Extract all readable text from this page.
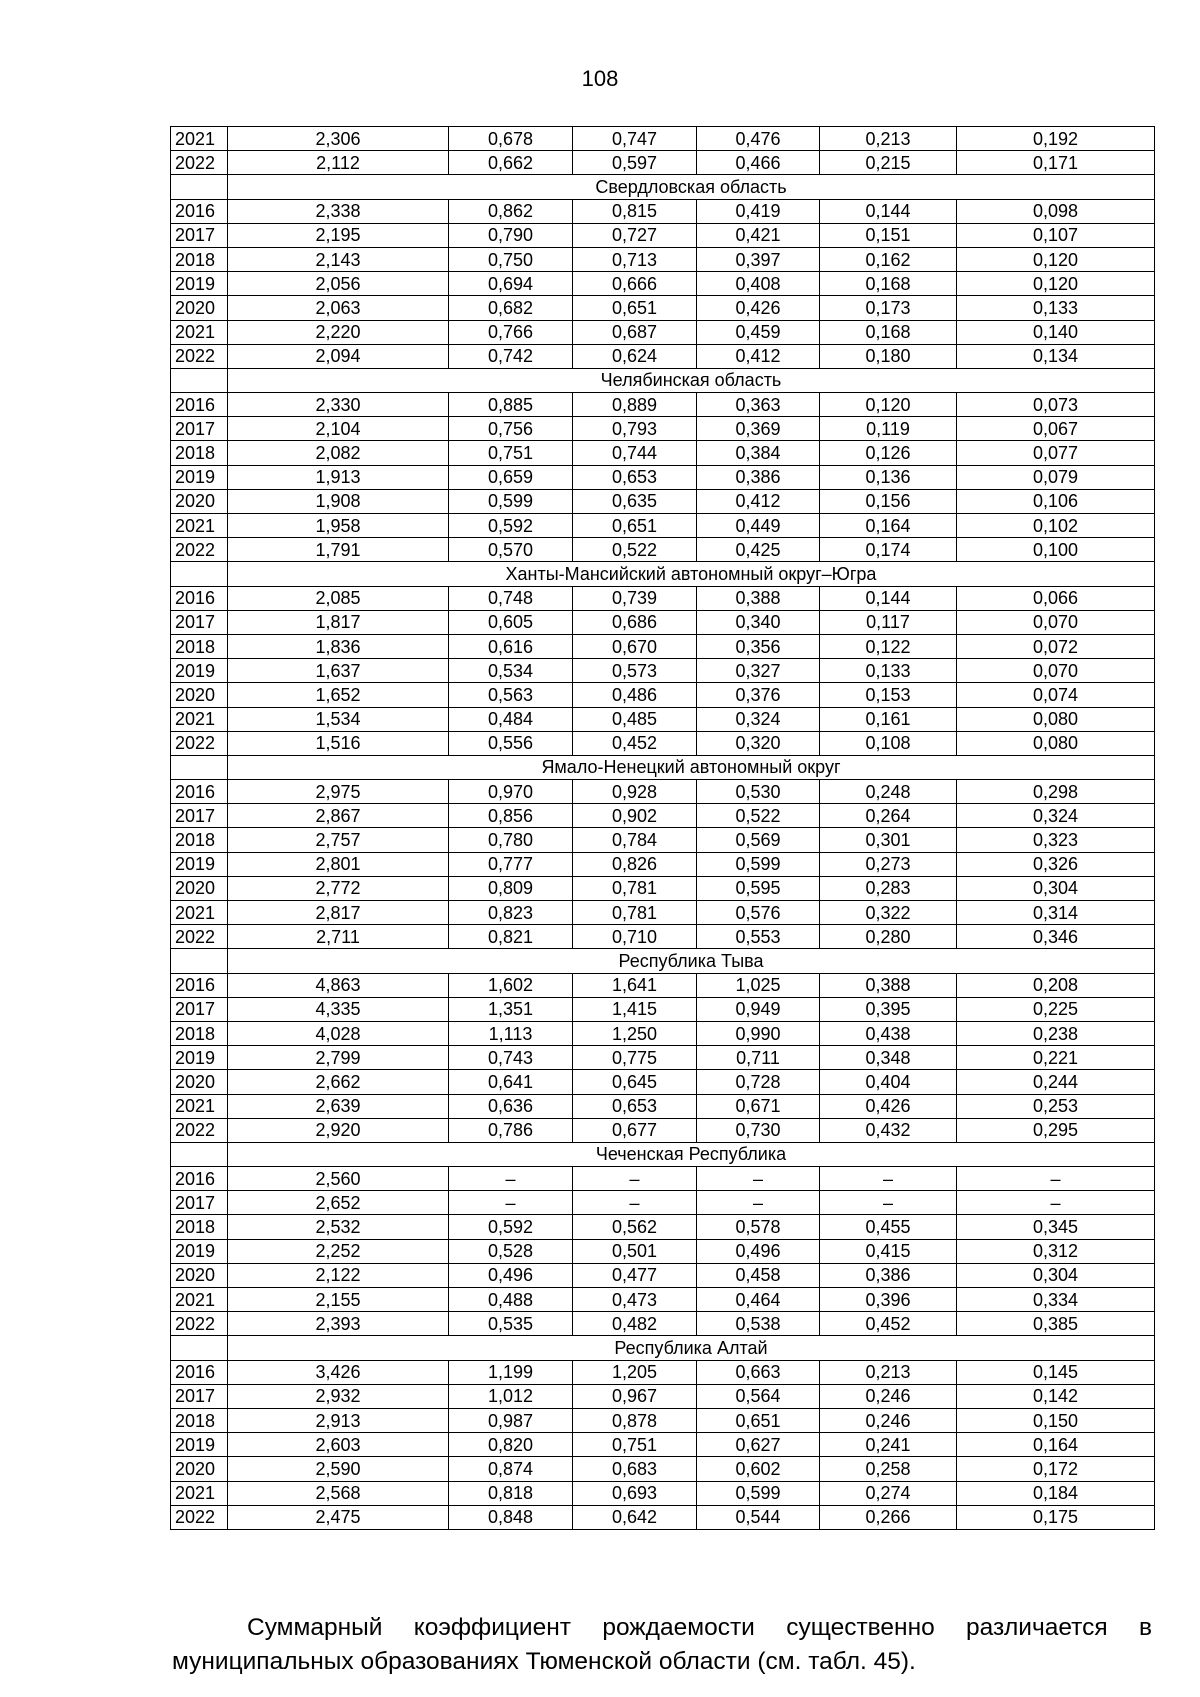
108
2021	2,306	0,678	0,747	0,476	0,213	0,192
2022	2,112	0,662	0,597	0,466	0,215	0,171
	Свердловская область					
2016	2,338	0,862	0,815	0,419	0,144	0,098
2017	2,195	0,790	0,727	0,421	0,151	0,107
2018	2,143	0,750	0,713	0,397	0,162	0,120
2019	2,056	0,694	0,666	0,408	0,168	0,120
2020	2,063	0,682	0,651	0,426	0,173	0,133
2021	2,220	0,766	0,687	0,459	0,168	0,140
2022	2,094	0,742	0,624	0,412	0,180	0,134
	Челябинская область					
2016	2,330	0,885	0,889	0,363	0,120	0,073
2017	2,104	0,756	0,793	0,369	0,119	0,067
2018	2,082	0,751	0,744	0,384	0,126	0,077
2019	1,913	0,659	0,653	0,386	0,136	0,079
2020	1,908	0,599	0,635	0,412	0,156	0,106
2021	1,958	0,592	0,651	0,449	0,164	0,102
2022	1,791	0,570	0,522	0,425	0,174	0,100
	Ханты-Мансийский автономный округ–Югра					
2016	2,085	0,748	0,739	0,388	0,144	0,066
2017	1,817	0,605	0,686	0,340	0,117	0,070
2018	1,836	0,616	0,670	0,356	0,122	0,072
2019	1,637	0,534	0,573	0,327	0,133	0,070
2020	1,652	0,563	0,486	0,376	0,153	0,074
2021	1,534	0,484	0,485	0,324	0,161	0,080
2022	1,516	0,556	0,452	0,320	0,108	0,080
	Ямало-Ненецкий автономный округ					
2016	2,975	0,970	0,928	0,530	0,248	0,298
2017	2,867	0,856	0,902	0,522	0,264	0,324
2018	2,757	0,780	0,784	0,569	0,301	0,323
2019	2,801	0,777	0,826	0,599	0,273	0,326
2020	2,772	0,809	0,781	0,595	0,283	0,304
2021	2,817	0,823	0,781	0,576	0,322	0,314
2022	2,711	0,821	0,710	0,553	0,280	0,346
	Республика Тыва					
2016	4,863	1,602	1,641	1,025	0,388	0,208
2017	4,335	1,351	1,415	0,949	0,395	0,225
2018	4,028	1,113	1,250	0,990	0,438	0,238
2019	2,799	0,743	0,775	0,711	0,348	0,221
2020	2,662	0,641	0,645	0,728	0,404	0,244
2021	2,639	0,636	0,653	0,671	0,426	0,253
2022	2,920	0,786	0,677	0,730	0,432	0,295
	Чеченская Республика					
2016	2,560	–	–	–	–	–
2017	2,652	–	–	–	–	–
2018	2,532	0,592	0,562	0,578	0,455	0,345
2019	2,252	0,528	0,501	0,496	0,415	0,312
2020	2,122	0,496	0,477	0,458	0,386	0,304
2021	2,155	0,488	0,473	0,464	0,396	0,334
2022	2,393	0,535	0,482	0,538	0,452	0,385
	Республика Алтай					
2016	3,426	1,199	1,205	0,663	0,213	0,145
2017	2,932	1,012	0,967	0,564	0,246	0,142
2018	2,913	0,987	0,878	0,651	0,246	0,150
2019	2,603	0,820	0,751	0,627	0,241	0,164
2020	2,590	0,874	0,683	0,602	0,258	0,172
2021	2,568	0,818	0,693	0,599	0,274	0,184
2022	2,475	0,848	0,642	0,544	0,266	0,175

Суммарный коэффициент рождаемости существенно различается в муниципальных образованиях Тюменской области (см. табл. 45).
